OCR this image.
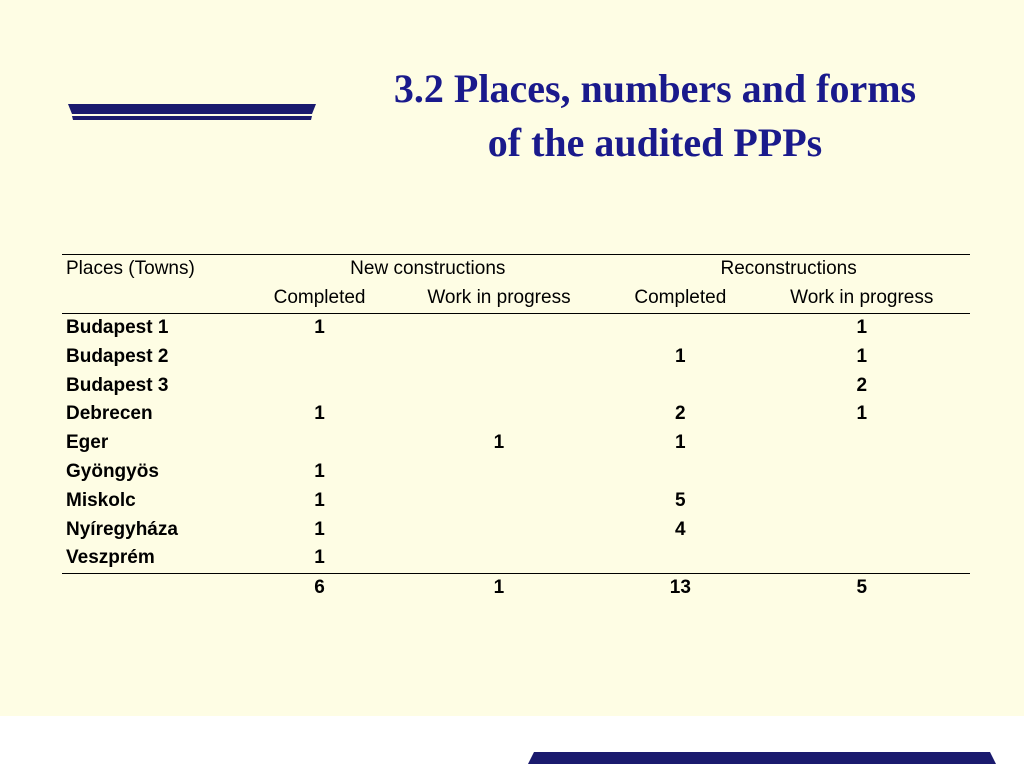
3.2 Places, numbers and forms
of the audited PPPs
Places (Towns)	New constructions		Reconstructions	
	Completed	Work in progress	Completed	Work in progress
Budapest 1	1			1
Budapest 2			1	1
Budapest 3				2
Debrecen	1		2	1
Eger		1	1	
Gyöngyös	1			
Miskolc	1		5	
Nyíregyháza	1		4	
Veszprém	1			
	6	1	13	5
